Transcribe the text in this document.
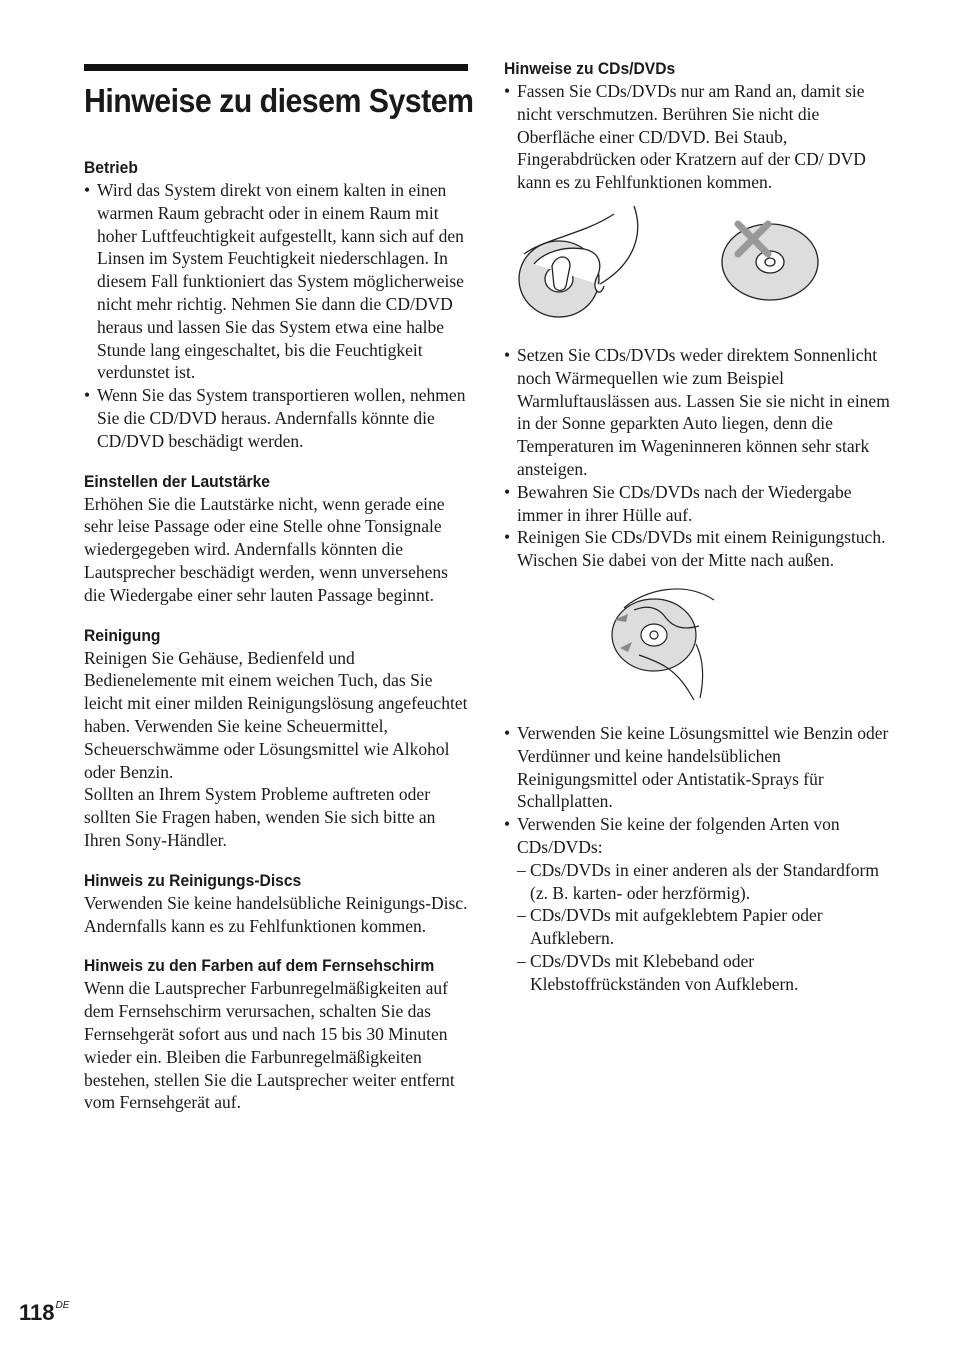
Hinweise zu diesem System
Betrieb
• Wird das System direkt von einem kalten in einen warmen Raum gebracht oder in einem Raum mit hoher Luftfeuchtigkeit aufgestellt, kann sich auf den Linsen im System Feuchtigkeit niederschlagen. In diesem Fall funktioniert das System möglicherweise nicht mehr richtig. Nehmen Sie dann die CD/DVD heraus und lassen Sie das System etwa eine halbe Stunde lang eingeschaltet, bis die Feuchtigkeit verdunstet ist.
• Wenn Sie das System transportieren wollen, nehmen Sie die CD/DVD heraus. Andernfalls könnte die CD/DVD beschädigt werden.
Einstellen der Lautstärke

Erhöhen Sie die Lautstärke nicht, wenn gerade eine sehr leise Passage oder eine Stelle ohne Tonsignale wiedergegeben wird. Andernfalls könnten die Lautsprecher beschädigt werden, wenn unversehens die Wiedergabe einer sehr lauten Passage beginnt.

Reinigung

Reinigen Sie Gehäuse, Bedienfeld und Bedienelemente mit einem weichen Tuch, das Sie leicht mit einer milden Reinigungslösung angefeuchtet haben. Verwenden Sie keine Scheuermittel, Scheuerschwämme oder Lösungsmittel wie Alkohol oder Benzin.

Sollten an Ihrem System Probleme auftreten oder sollten Sie Fragen haben, wenden Sie sich bitte an Ihren Sony-Händler.

Hinweis zu Reinigungs-Discs

Verwenden Sie keine handelsübliche Reinigungs-Disc. Andernfalls kann es zu Fehlfunktionen kommen.

Hinweis zu den Farben auf dem Fernsehschirm

Wenn die Lautsprecher Farbunregelmäßigkeiten auf dem Fernsehschirm verursachen, schalten Sie das Fernsehgerät sofort aus und nach 15 bis 30 Minuten wieder ein. Bleiben die Farbunregelmäßigkeiten bestehen, stellen Sie die Lautsprecher weiter entfernt vom Fernsehgerät auf.

Hinweise zu CDs/DVDs
• Fassen Sie CDs/DVDs nur am Rand an, damit sie nicht verschmutzen. Berühren Sie nicht die Oberfläche einer CD/DVD. Bei Staub, Fingerabdrücken oder Kratzern auf der CD/ DVD kann es zu Fehlfunktionen kommen.
• Setzen Sie CDs/DVDs weder direktem Sonnenlicht noch Wärmequellen wie zum Beispiel Warmluftauslässen aus. Lassen Sie sie nicht in einem in der Sonne geparkten Auto liegen, denn die Temperaturen im Wageninneren können sehr stark ansteigen.
• Bewahren Sie CDs/DVDs nach der Wiedergabe immer in ihrer Hülle auf.
• Reinigen Sie CDs/DVDs mit einem Reinigungstuch. Wischen Sie dabei von der Mitte nach außen.
• Verwenden Sie keine Lösungsmittel wie Benzin oder Verdünner und keine handelsüblichen Reinigungsmittel oder Antistatik-Sprays für Schallplatten.
• Verwenden Sie keine der folgenden Arten von CDs/DVDs:
– CDs/DVDs in einer anderen als der Standardform (z. B. karten- oder herzförmig).
– CDs/DVDs mit aufgeklebtem Papier oder Aufklebern.
– CDs/DVDs mit Klebeband oder Klebstoffrückständen von Aufklebern.
118DE
